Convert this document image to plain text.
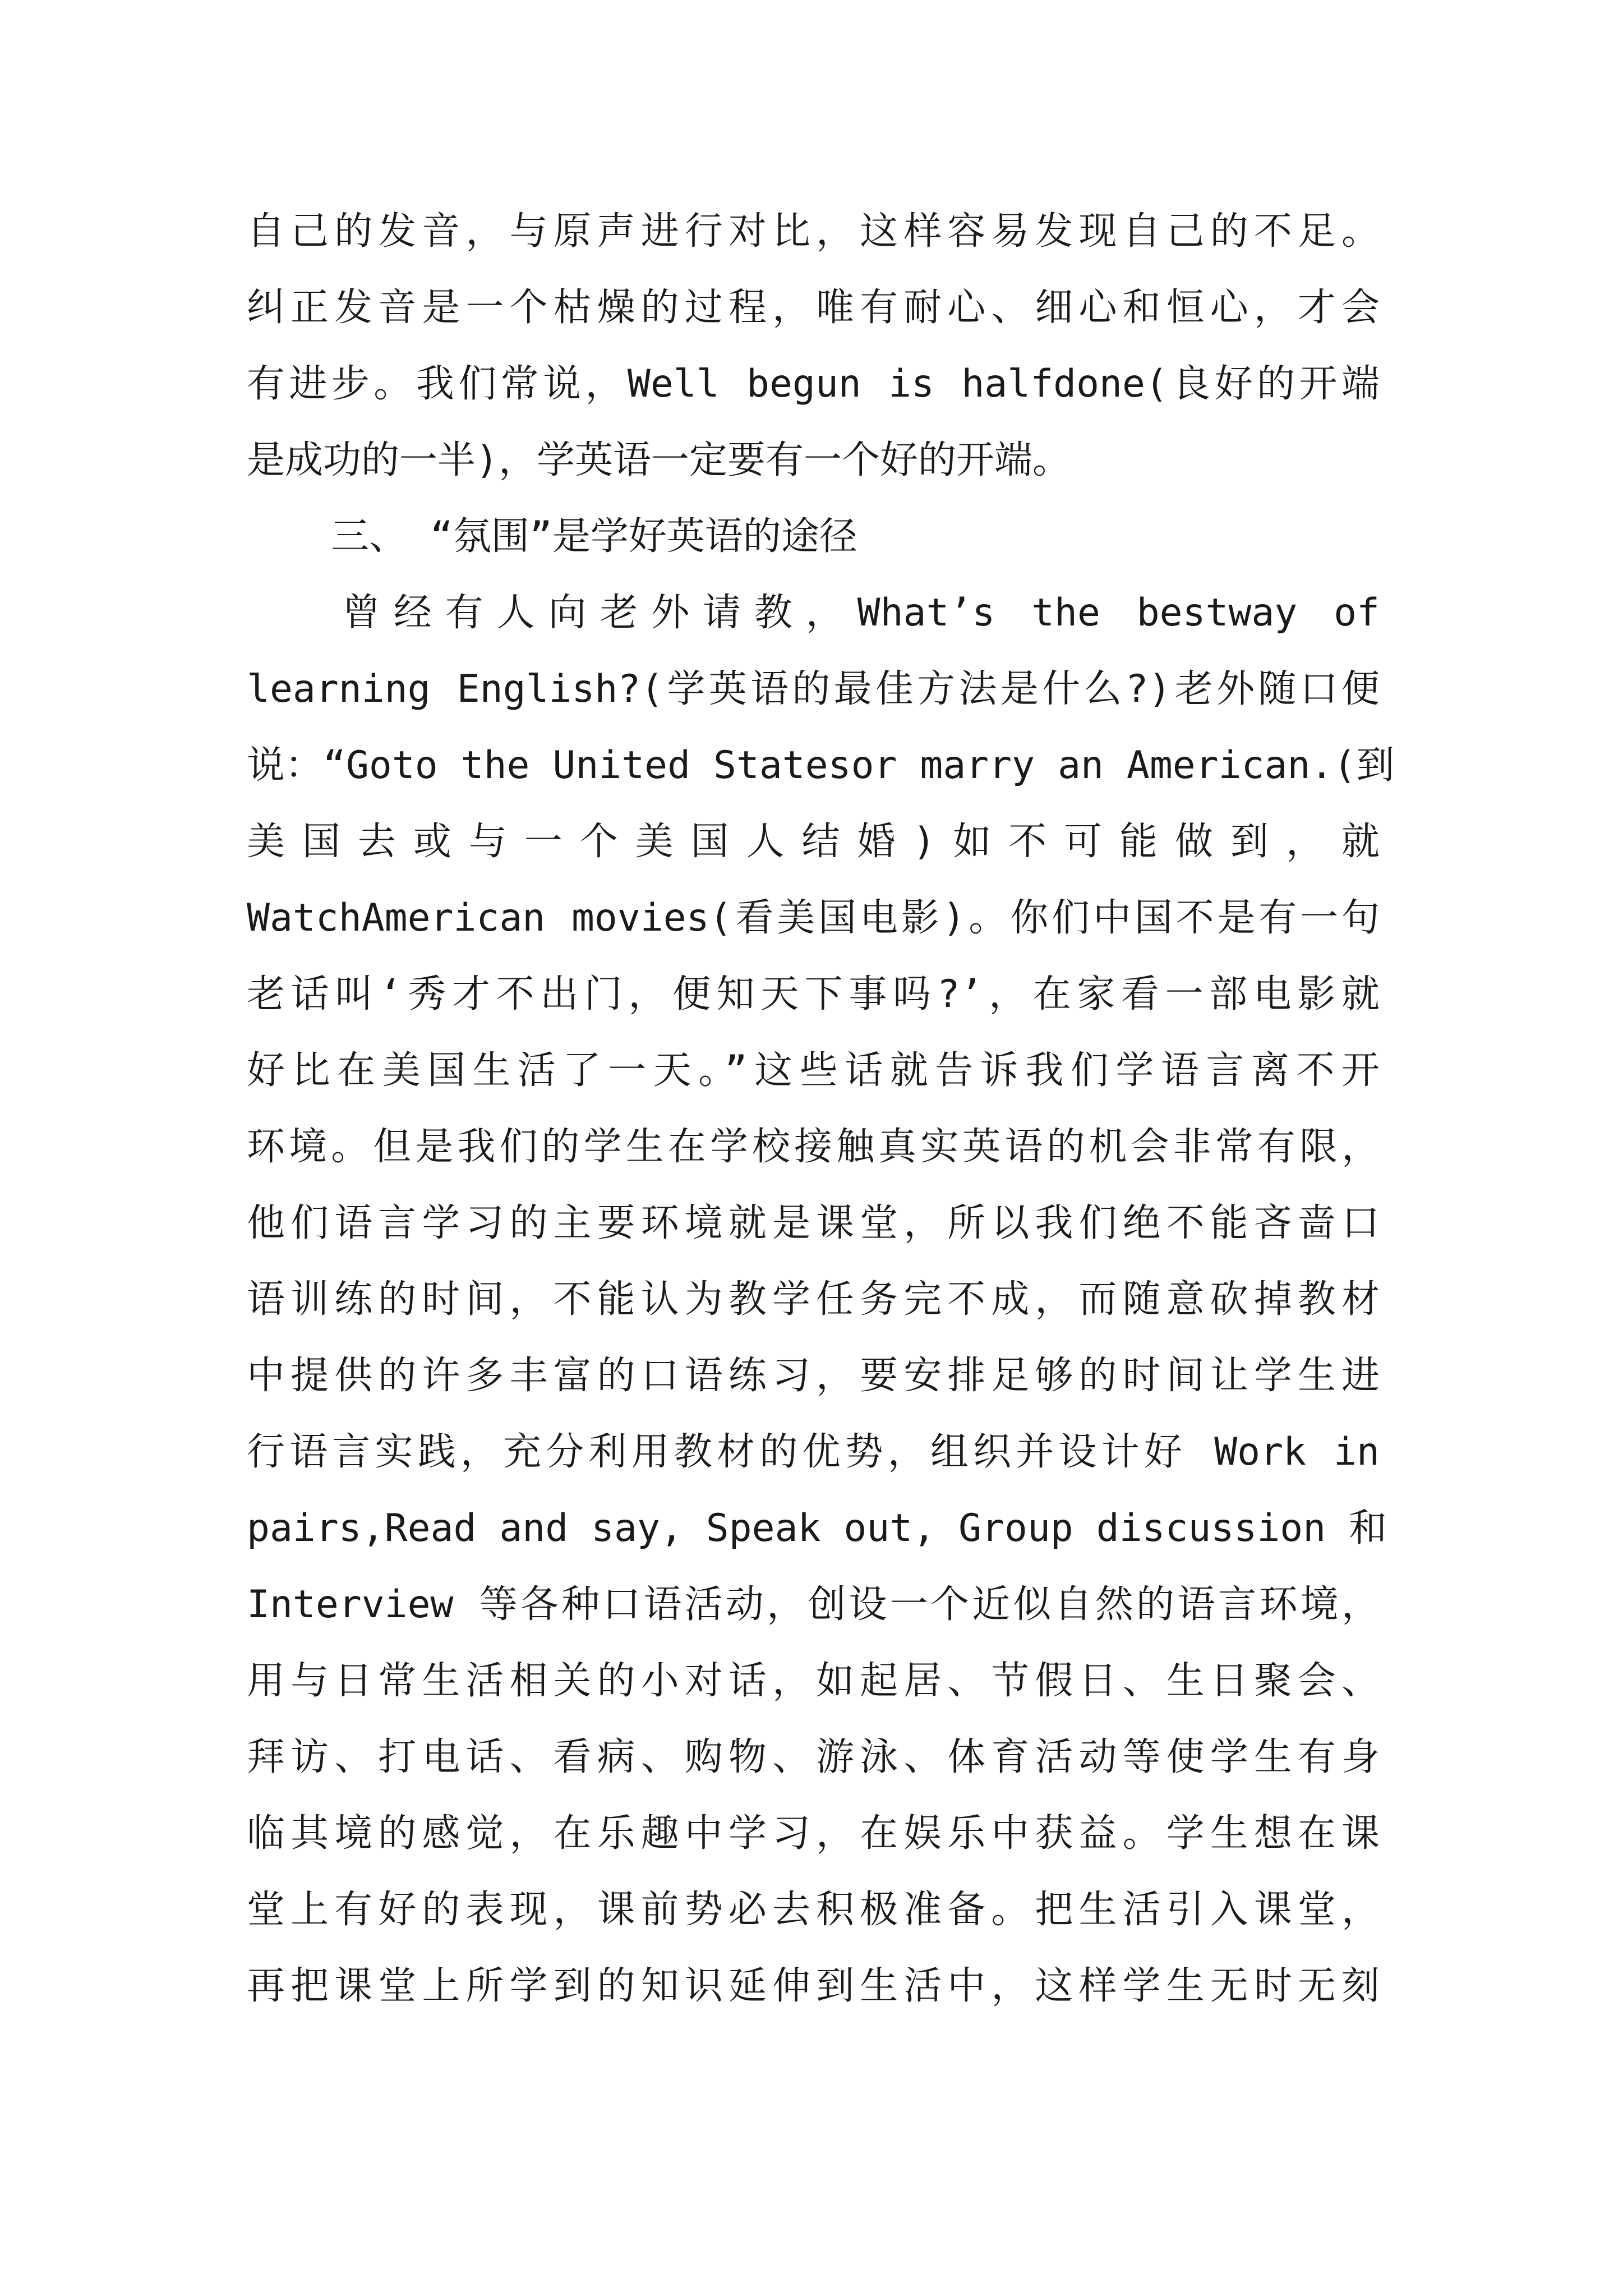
自己的发音，与原声进行对比，这样容易发现自己的不足。
纠正发音是一个枯燥的过程，唯有耐心、细心和恒心，才会
有进步。我们常说，Well begun is halfdone(良好的开端
是成功的一半)，学英语一定要有一个好的开端。
三、 “氛围”是学好英语的途径
曾经有人向老外请教，What’s the bestway of
learning English?(学英语的最佳方法是什么?)老外随口便
说：“Goto the United Statesor marry an American.(到
美国去或与一个美国人结婚)如不可能做到，就
WatchAmerican movies(看美国电影)。你们中国不是有一句
老话叫‘秀才不出门，便知天下事吗?’，在家看一部电影就
好比在美国生活了一天。”这些话就告诉我们学语言离不开
环境。但是我们的学生在学校接触真实英语的机会非常有限，
他们语言学习的主要环境就是课堂，所以我们绝不能吝啬口
语训练的时间，不能认为教学任务完不成，而随意砍掉教材
中提供的许多丰富的口语练习，要安排足够的时间让学生进
行语言实践，充分利用教材的优势，组织并设计好 Work in
pairs,Read and say, Speak out, Group discussion 和
Interview 等各种口语活动，创设一个近似自然的语言环境，
用与日常生活相关的小对话，如起居、节假日、生日聚会、
拜访、打电话、看病、购物、游泳、体育活动等使学生有身
临其境的感觉，在乐趣中学习，在娱乐中获益。学生想在课
堂上有好的表现，课前势必去积极准备。把生活引入课堂，
再把课堂上所学到的知识延伸到生活中，这样学生无时无刻
